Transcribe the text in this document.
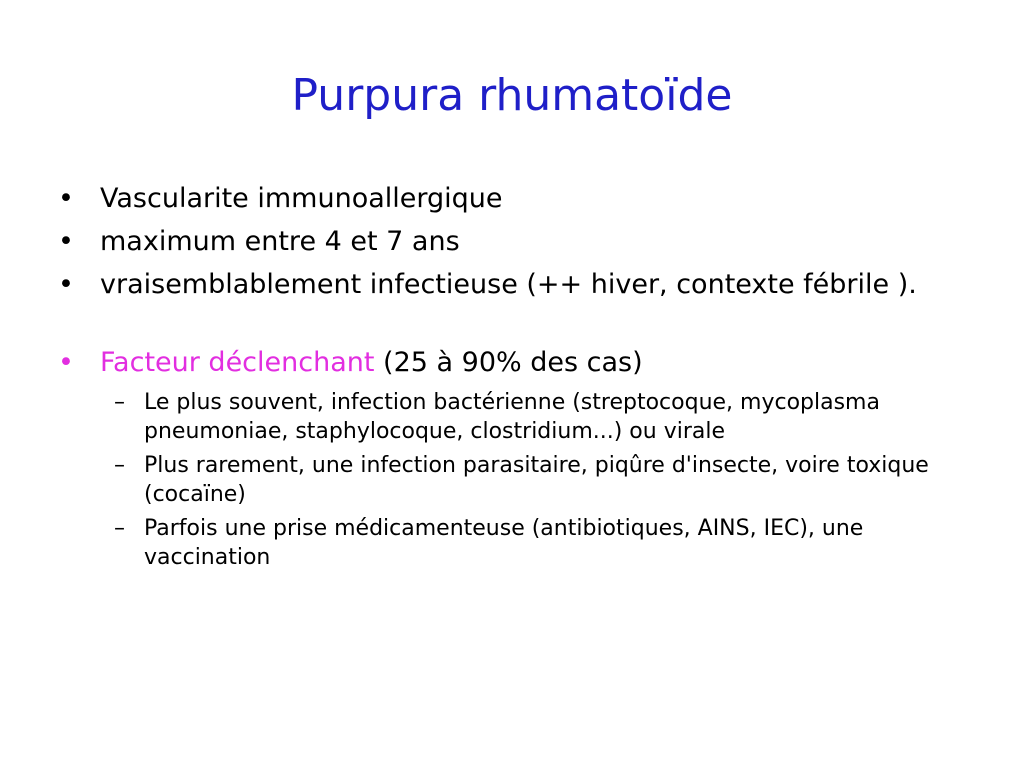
Purpura rhumatoïde
• Vascularite immunoallergique
• maximum entre 4 et 7 ans
• vraisemblablement infectieuse (++ hiver, contexte fébrile ).
• Facteur déclenchant (25 à 90% des cas)
– Le plus souvent, infection bactérienne (streptocoque, mycoplasma pneumoniae, staphylocoque, clostridium...) ou virale
– Plus rarement, une infection parasitaire, piqûre d'insecte, voire toxique (cocaïne)
– Parfois une prise médicamenteuse (antibiotiques, AINS, IEC), une vaccination
